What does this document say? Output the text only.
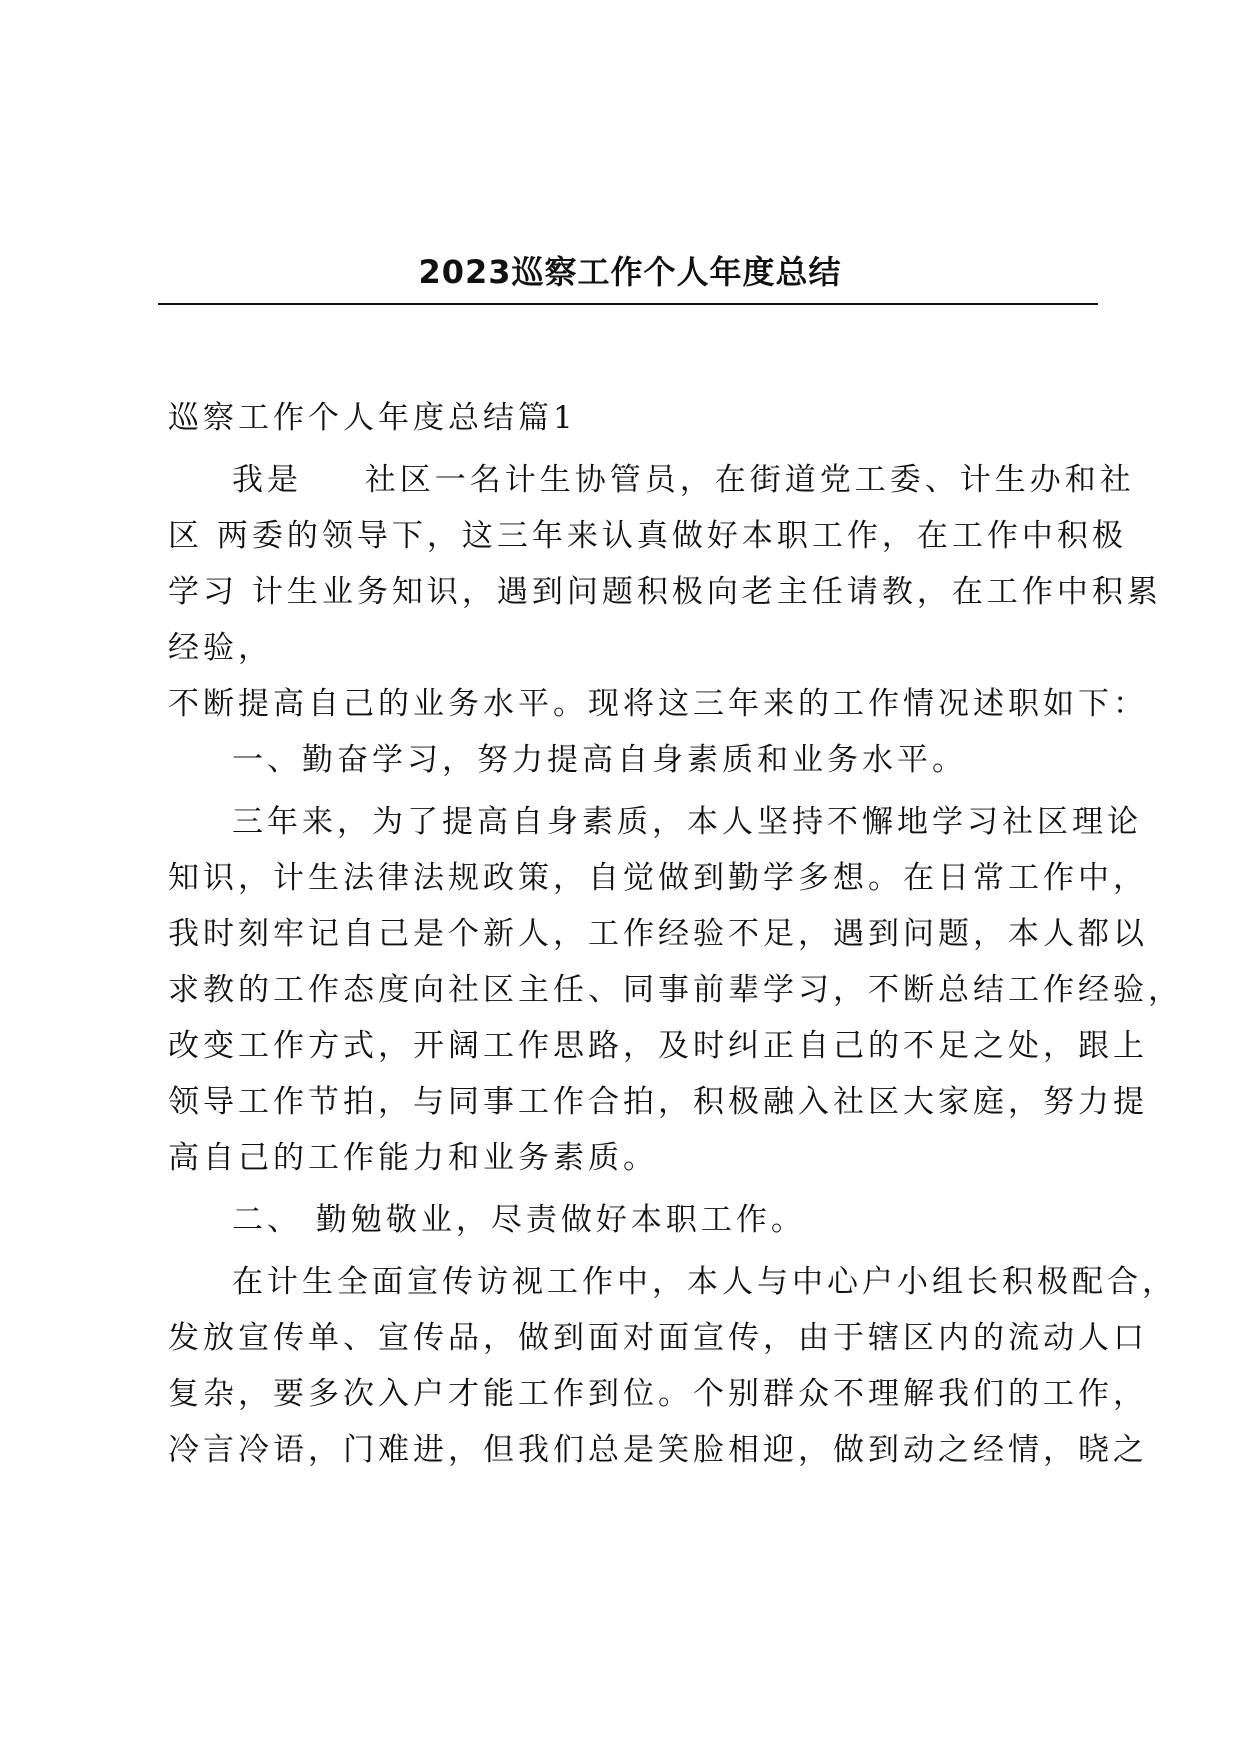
2023巡察工作个人年度总结
巡察工作个人年度总结篇1
我是　  社区一名计生协管员，在街道党工委、计生办和社
区 两委的领导下，这三年来认真做好本职工作，在工作中积极
学习 计生业务知识，遇到问题积极向老主任请教，在工作中积累
经验，
不断提高自己的业务水平。现将这三年来的工作情况述职如下：
一、勤奋学习，努力提高自身素质和业务水平。
三年来，为了提高自身素质，本人坚持不懈地学习社区理论
知识，计生法律法规政策，自觉做到勤学多想。在日常工作中，
我时刻牢记自己是个新人，工作经验不足，遇到问题，本人都以
求教的工作态度向社区主任、同事前辈学习，不断总结工作经验，
改变工作方式，开阔工作思路，及时纠正自己的不足之处，跟上
领导工作节拍，与同事工作合拍，积极融入社区大家庭，努力提
高自己的工作能力和业务素质。
二、 勤勉敬业，尽责做好本职工作。
在计生全面宣传访视工作中，本人与中心户小组长积极配合，
发放宣传单、宣传品，做到面对面宣传，由于辖区内的流动人口
复杂，要多次入户才能工作到位。个别群众不理解我们的工作，
冷言冷语，门难进，但我们总是笑脸相迎，做到动之经情，晓之
